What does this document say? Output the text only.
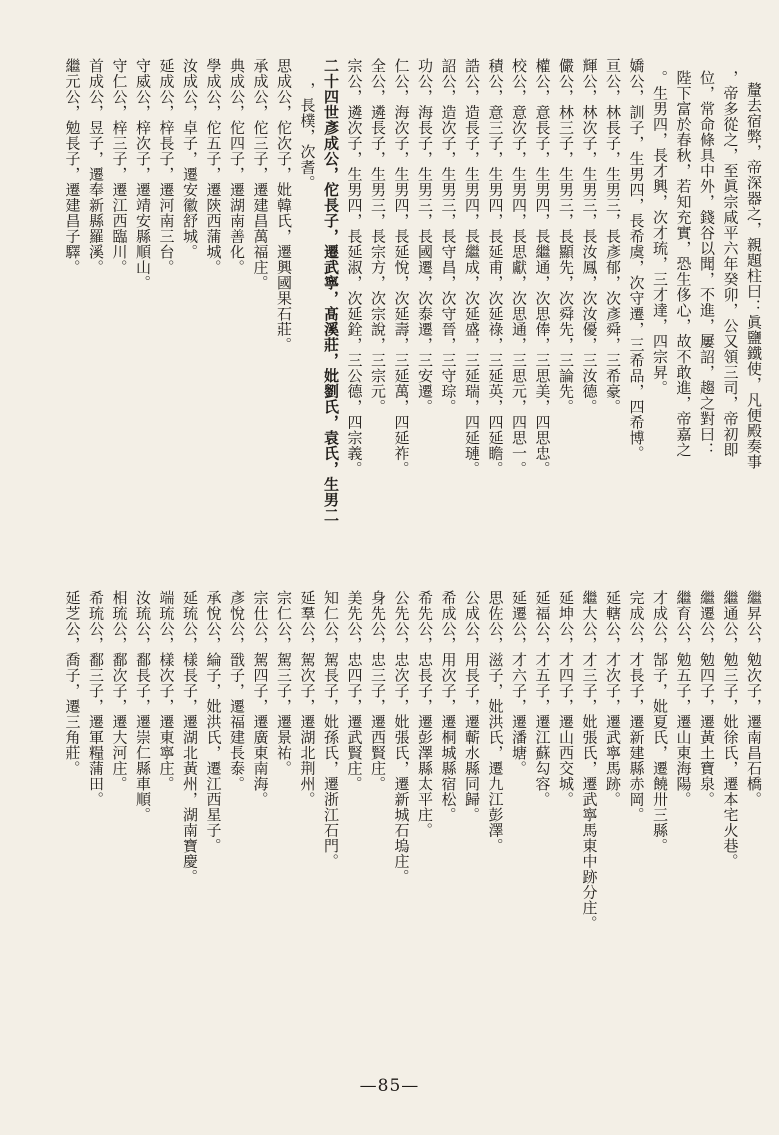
釐去宿弊，帝深器之，親題柱曰：眞鹽鐵使，凡便殿奏事
，帝多從之，至眞宗咸平六年癸卯，公又領三司，帝初即
位，常命條具中外，錢谷以聞，不進，屢詔，趨之對曰：
陛下富於春秋，若知充實，恐生侈心，故不敢進，帝嘉之
。生男四，長才興，次才琉，三才達，四宗昇。
嬌公，訓子，生男四，長希虞，次守遷，三希品，四希博。
亘公，林長子，生男三，長彥郁，次彥舜，三希豪。
輝公，林次子，生男三，長汝鳳，次汝優，三汝德。
儼公，林三子，生男三，長顯先，次舜先，三論先。
權公，意長子，生男四，長繼通，次思俸，三思美，四思忠。
校公，意次子，生男四，長思獻，次思通，三思元，四思一。
積公，意三子，生男四，長延甫，次延祿，三延英，四延瞻。
誥公，造長子，生男四，長繼成，次延盛，三延瑞，四延璉。
詔公，造次子，生男三，長守昌，次守晉，三守琮。
功公，海長子，生男三，長國遷，次泰遷，三安遷。
仁公，海次子，生男四，長延悅，次延壽，三延萬，四延祚。
全公，遴長子，生男三，長宗方，次宗說，三宗元。
宗公，遴次子，生男四，長延淑，次延銓，三公德，四宗義。
二十四世彥成公，佗長子，遷武寧，髙溪莊，妣劉氏，袁氏，生男二
，長樸，次耆。
思成公，佗次子，妣韓氏，遷興國果石莊。
承成公，佗三子，遷建昌萬福庄。
典成公，佗四子，遷湖南善化。
學成公，佗五子，遷陝西蒲城。
汝成公，卓子，遷安徽舒城。
延成公，梓長子，遷河南三台。
守威公，梓次子，遷靖安縣順山。
守仁公，梓三子，遷江西臨川。
首成公，昱子，遷奉新縣羅溪。
繼元公，勉長子，遷建昌子驛。
繼昇公，勉次子，遷南昌石橋。
繼通公，勉三子，妣徐氏，遷本宅火巷。
繼遷公，勉四子，遷黃土寶泉。
繼育公，勉五子，遷山東海陽。
才成公，郜子，妣夏氏，遷饒卅三縣。
完成公，才長子，遷新建縣赤岡。
延轄公，才次子，遷武寧馬跡。
繼大公，才三子，妣張氏，遷武寧馬東中跡分庄。
延坤公，才四子，遷山西交城。
延福公，才五子，遷江蘇勾容。
延遷公，才六子，遷潘塘。
思佐公，滋子，妣洪氏，遷九江彭澤。
公成公，用長子，遷蘄水縣同歸。
希成公，用次子，遷桐城縣宿松。
希先公，忠長子，遷彭澤縣太平庄。
公先公，忠次子，妣張氏，遷新城石塢庄。
身先公，忠三子，遷西賢庄。
美先公，忠四子，遷武賢庄。
知仁公，駕長子，妣孫氏，遷浙江石門。
延羣公，駕次子，遷湖北荆州。
宗仁公，駕三子，遷景祐。
宗仕公，駕四子，遷廣東南海。
彥悅公，戩子，遷福建長泰。
承悅公，綸子，妣洪氏，遷江西星子。
延琉公，樣長子，遷湖北黃州，湖南寶慶。
端琉公，樣次子，遷東寧庄。
汝琉公，鄱長子，遷崇仁縣車順。
相琉公，鄱次子，遷大河庄。
希琉公，鄱三子，遷軍糧蒲田。
延芝公，喬子，遷三角莊。
—85—
